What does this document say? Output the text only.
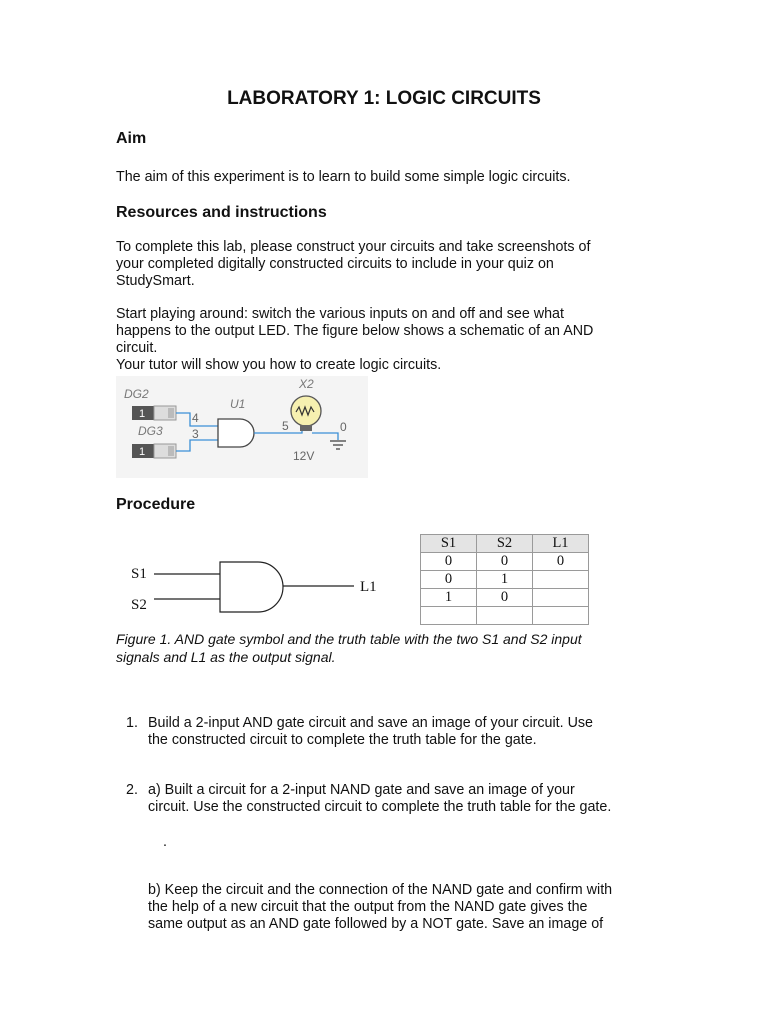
LABORATORY 1: LOGIC CIRCUITS
Aim
The aim of this experiment is to learn to build some simple logic circuits.
Resources and instructions
To complete this lab, please construct your circuits and take screenshots of
your completed digitally constructed circuits to include in your quiz on
StudySmart.
Start playing around: switch the various inputs on and off and see what
happens to the output LED. The figure below shows a schematic of an AND
circuit.
Your tutor will show you how to create logic circuits.
DG2
1
DG3
1
4
3
U1
5
X2
0
12V
Procedure
S1
S2
L1
S1	S2	L1
0	0	0
0	1	
1	0	

Figure 1. AND gate symbol and the truth table with the two S1 and S2 input
signals and L1 as the output signal.
1. Build a 2-input AND gate circuit and save an image of your circuit. Use
the constructed circuit to complete the truth table for the gate.
2. a) Built a circuit for a 2-input NAND gate and save an image of your
circuit. Use the constructed circuit to complete the truth table for the gate.
.
b) Keep the circuit and the connection of the NAND gate and confirm with
the help of a new circuit that the output from the NAND gate gives the
same output as an AND gate followed by a NOT gate. Save an image of
